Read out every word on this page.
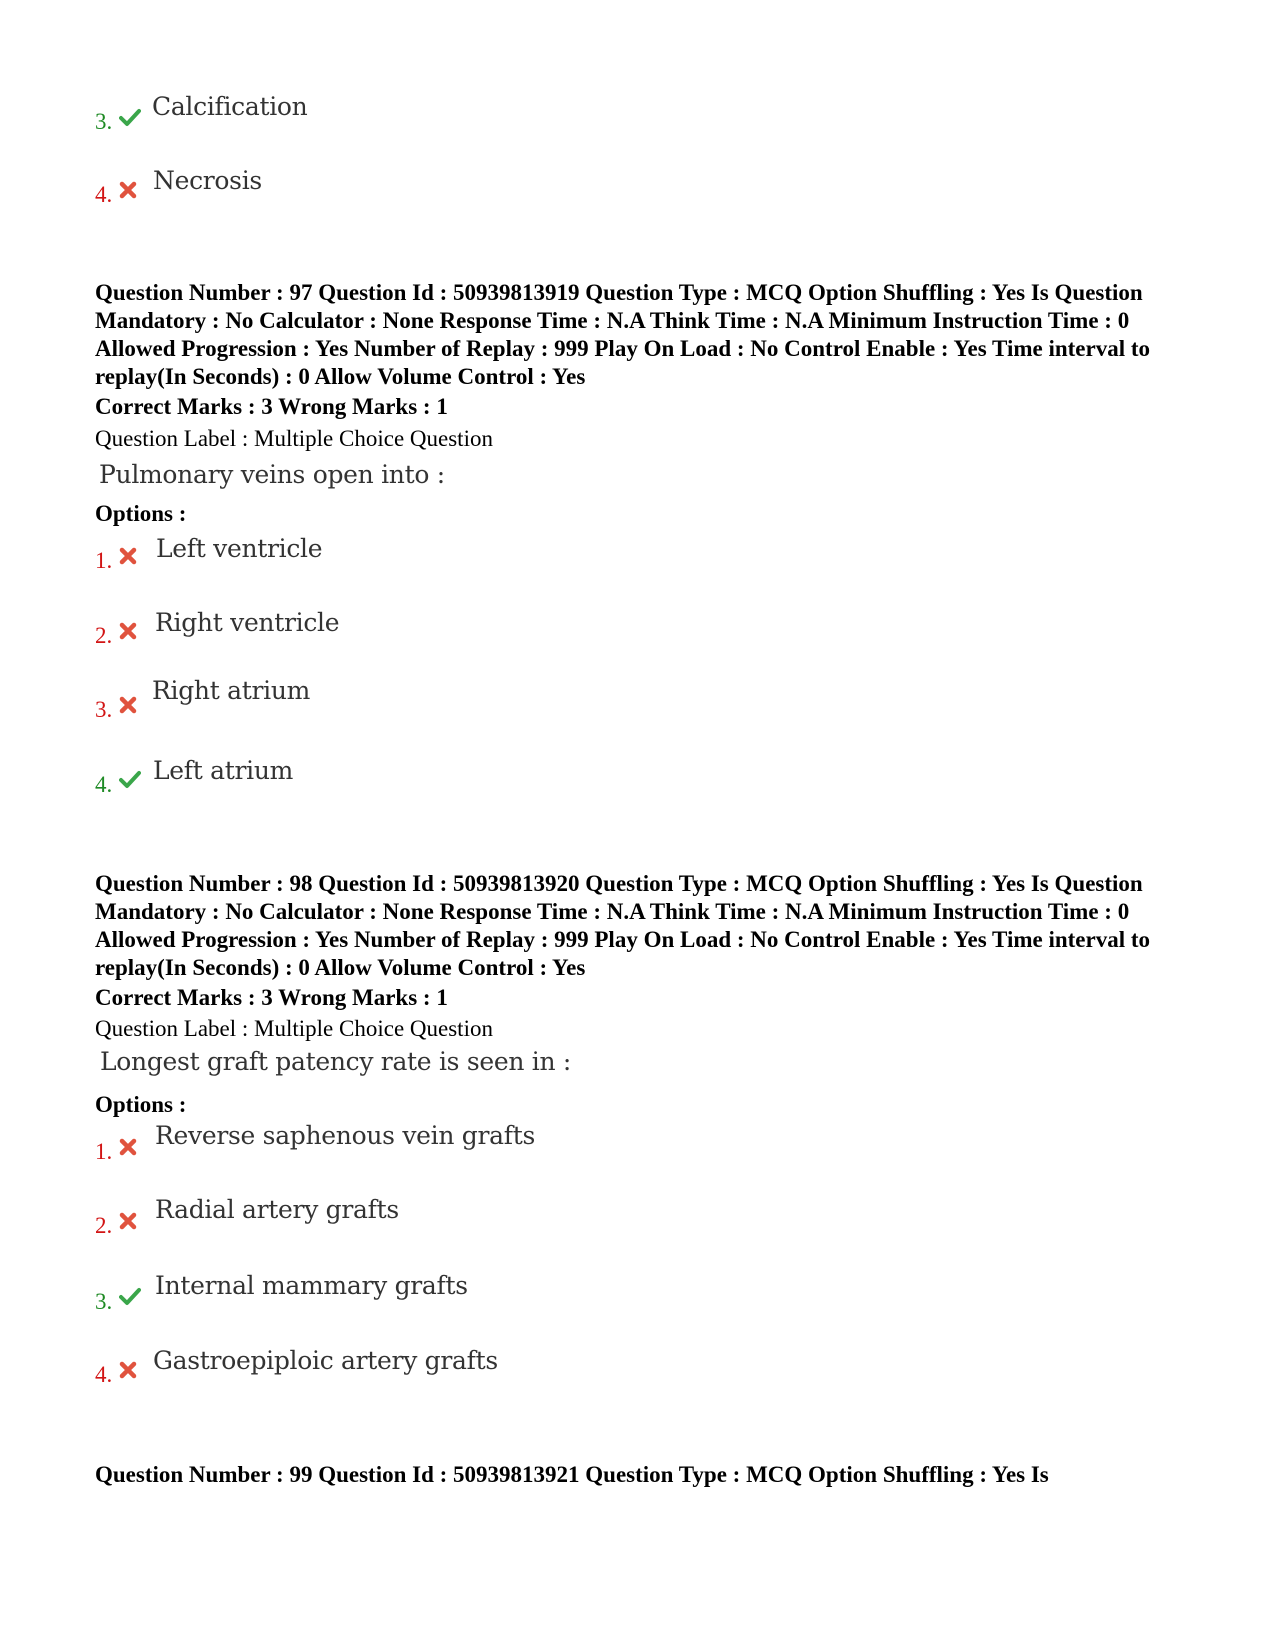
3.
Calcification
4. Necrosis
Question Number : 97 Question Id : 50939813919 Question Type : MCQ Option Shuffling : Yes Is Question Mandatory : No Calculator : None Response Time : N.A Think Time : N.A Minimum Instruction Time : 0 Allowed Progression : Yes Number of Replay : 999 Play On Load : No Control Enable : Yes Time interval to replay(In Seconds) : 0 Allow Volume Control : Yes
Correct Marks : 3 Wrong Marks : 1
Question Label : Multiple Choice Question
Pulmonary veins open into :
Options :
1. Left ventricle
2. Right ventricle
3.
Right atrium
4. Left atrium
Question Number : 98 Question Id : 50939813920 Question Type : MCQ Option Shuffling : Yes Is Question Mandatory : No Calculator : None Response Time : N.A Think Time : N.A Minimum Instruction Time : 0 Allowed Progression : Yes Number of Replay : 999 Play On Load : No Control Enable : Yes Time interval to replay(In Seconds) : 0 Allow Volume Control : Yes
Correct Marks : 3 Wrong Marks : 1
Question Label : Multiple Choice Question
Longest graft patency rate is seen in :
Options :
1.
Reverse saphenous vein grafts
2.
Radial artery grafts
3.
Internal mammary grafts
4. Gastroepiploic artery grafts
Question Number : 99 Question Id : 50939813921 Question Type : MCQ Option Shuffling : Yes Is
